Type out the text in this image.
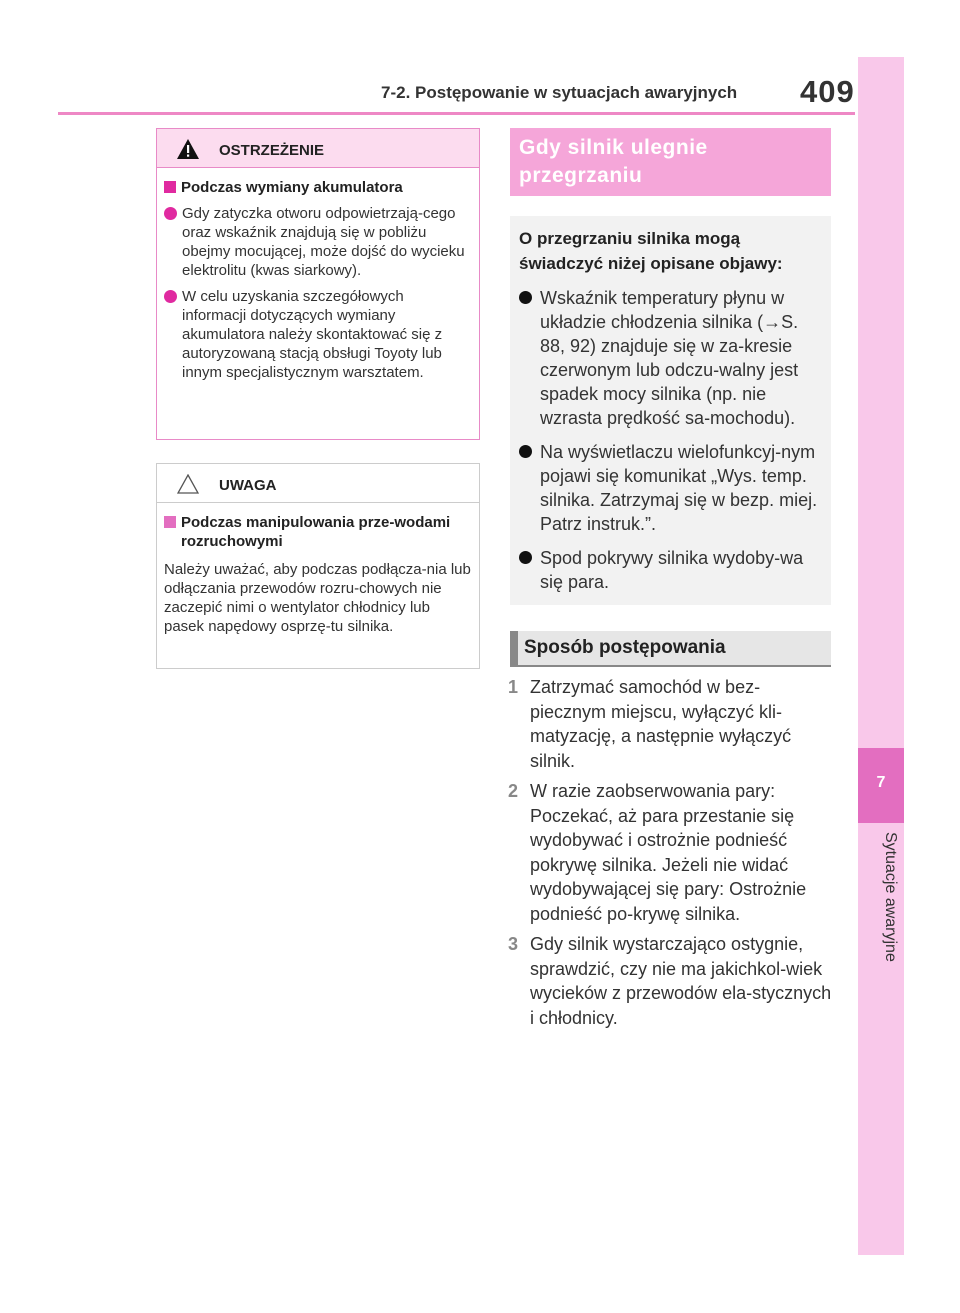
7-2. Postępowanie w sytuacjach awaryjnych 409
7
Sytuacje awaryjne
OSTRZEŻENIE
Podczas wymiany akumulatora
Gdy zatyczka otworu odpowietrzają-cego oraz wskaźnik znajdują się w pobliżu obejmy mocującej, może dojść do wycieku elektrolitu (kwas siarkowy).
W celu uzyskania szczegółowych informacji dotyczących wymiany akumulatora należy skontaktować się z autoryzowaną stacją obsługi Toyoty lub innym specjalistycznym warsztatem.
UWAGA
Podczas manipulowania prze-wodami rozruchowymi
Należy uważać, aby podczas podłącza-nia lub odłączania przewodów rozru-chowych nie zaczepić nimi o wentylator chłodnicy lub pasek napędowy osprzę-tu silnika.
Gdy silnik ulegnie przegrzaniu
O przegrzaniu silnika mogą świadczyć niżej opisane objawy:
Wskaźnik temperatury płynu w układzie chłodzenia silnika (→S. 88, 92) znajduje się w za-kresie czerwonym lub odczu-walny jest spadek mocy silnika (np. nie wzrasta prędkość sa-mochodu).
Na wyświetlaczu wielofunkcyj-nym pojawi się komunikat „Wys. temp. silnika. Zatrzymaj się w bezp. miej. Patrz instruk.”.
Spod pokrywy silnika wydoby-wa się para.
Sposób postępowania
1 Zatrzymać samochód w bez-piecznym miejscu, wyłączyć kli-matyzację, a następnie wyłączyć silnik.
2 W razie zaobserwowania pary: Poczekać, aż para przestanie się wydobywać i ostrożnie podnieść pokrywę silnika. Jeżeli nie widać wydobywającej się pary: Ostrożnie podnieść po-krywę silnika.
3 Gdy silnik wystarczająco ostygnie, sprawdzić, czy nie ma jakichkol-wiek wycieków z przewodów ela-stycznych i chłodnicy.
